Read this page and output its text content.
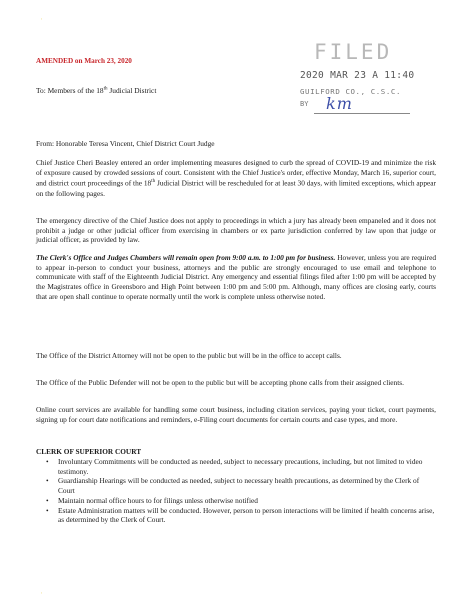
·
·
AMENDED on March 23, 2020	FILED
2020 MAR 23 A 11:40
GUILFORD CO., C.S.C.
BY km
To: Members of the 18th Judicial District
From: Honorable Teresa Vincent, Chief District Court Judge
Chief Justice Cheri Beasley entered an order implementing measures designed to curb the spread of COVID-19 and minimize the risk of exposure caused by crowded sessions of court. Consistent with the Chief Justice's order, effective Monday, March 16, superior court, and district court proceedings of the 18th Judicial District will be rescheduled for at least 30 days, with limited exceptions, which appear on the following pages.
The emergency directive of the Chief Justice does not apply to proceedings in which a jury has already been empaneled and it does not prohibit a judge or other judicial officer from exercising in chambers or ex parte jurisdiction conferred by law upon that judge or judicial officer, as provided by law.
The Clerk's Office and Judges Chambers will remain open from 9:00 a.m. to 1:00 pm for business. However, unless you are required to appear in-person to conduct your business, attorneys and the public are strongly encouraged to use email and telephone to communicate with staff of the Eighteenth Judicial District. Any emergency and essential filings filed after 1:00 pm will be accepted by the Magistrates office in Greensboro and High Point between 1:00 pm and 5:00 pm. Although, many offices are closing early, courts that are open shall continue to operate normally until the work is complete unless otherwise noted.
The Office of the District Attorney will not be open to the public but will be in the office to accept calls.
The Office of the Public Defender will not be open to the public but will be accepting phone calls from their assigned clients.
Online court services are available for handling some court business, including citation services, paying your ticket, court payments, signing up for court date notifications and reminders, e-Filing court documents for certain courts and case types, and more.
CLERK OF SUPERIOR COURT
• Involuntary Commitments will be conducted as needed, subject to necessary precautions, including, but not limited to video testimony.
• Guardianship Hearings will be conducted as needed, subject to necessary health precautions, as determined by the Clerk of Court
• Maintain normal office hours to for filings unless otherwise notified
• Estate Administration matters will be conducted. However, person to person interactions will be limited if health concerns arise, as determined by the Clerk of Court.
